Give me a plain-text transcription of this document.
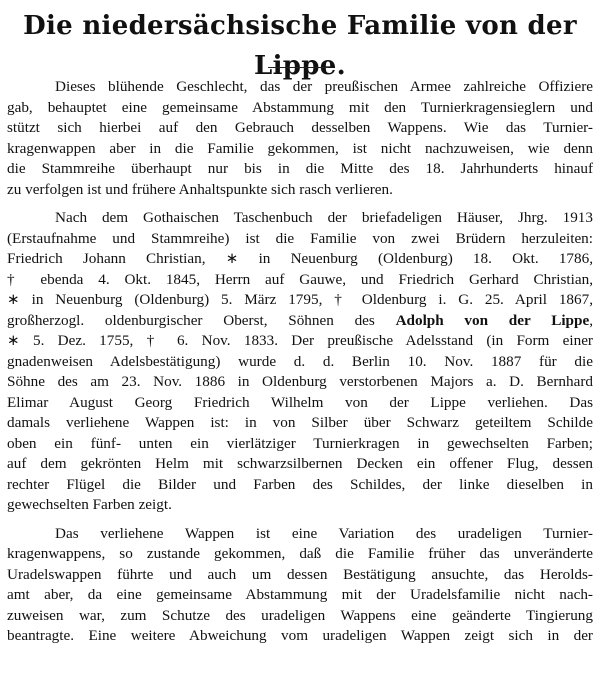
Die niedersächsische Familie von der Lippe.

Dieses blühende Geschlecht, das der preußischen Armee zahlreiche Offiziere
gab, behauptet eine gemeinsame Abstammung mit den Turnierkragensieglern und
stützt sich hierbei auf den Gebrauch desselben Wappens. Wie das Turnier-
kragenwappen aber in die Familie gekommen, ist nicht nachzuweisen, wie denn
die Stammreihe überhaupt nur bis in die Mitte des 18. Jahrhunderts hinauf
zu verfolgen ist und frühere Anhaltspunkte sich rasch verlieren.

Nach dem Gothaischen Taschenbuch der briefadeligen Häuser, Jhrg. 1913
(Erstaufnahme und Stammreihe) ist die Familie von zwei Brüdern herzuleiten:
Friedrich Johann Christian, ∗ in Neuenburg (Oldenburg) 18. Okt. 1786,
† ebenda 4. Okt. 1845, Herrn auf Gauwe, und Friedrich Gerhard Christian,
∗ in Neuenburg (Oldenburg) 5. März 1795, † Oldenburg i. G. 25. April 1867,
großherzogl. oldenburgischer Oberst, Söhnen des Adolph von der Lippe,
∗ 5. Dez. 1755, † 6. Nov. 1833. Der preußische Adelsstand (in Form einer
gnadenweisen Adelsbestätigung) wurde d. d. Berlin 10. Nov. 1887 für die
Söhne des am 23. Nov. 1886 in Oldenburg verstorbenen Majors a. D. Bernhard
Elimar August Georg Friedrich Wilhelm von der Lippe verliehen. Das
damals verliehene Wappen ist: in von Silber über Schwarz geteiltem Schilde
oben ein fünf- unten ein vierlätziger Turnierkragen in gewechselten Farben;
auf dem gekrönten Helm mit schwarzsilbernen Decken ein offener Flug, dessen
rechter Flügel die Bilder und Farben des Schildes, der linke dieselben in
gewechselten Farben zeigt.

Das verliehene Wappen ist eine Variation des uradeligen Turnier-
kragenwappens, so zustande gekommen, daß die Familie früher das unveränderte
Uradelswappen führte und auch um dessen Bestätigung ansuchte, das Herolds-
amt aber, da eine gemeinsame Abstammung mit der Uradelsfamilie nicht nach-
zuweisen war, zum Schutze des uradeligen Wappens eine geänderte Tingierung
beantragte. Eine weitere Abweichung vom uradeligen Wappen zeigt sich in der
